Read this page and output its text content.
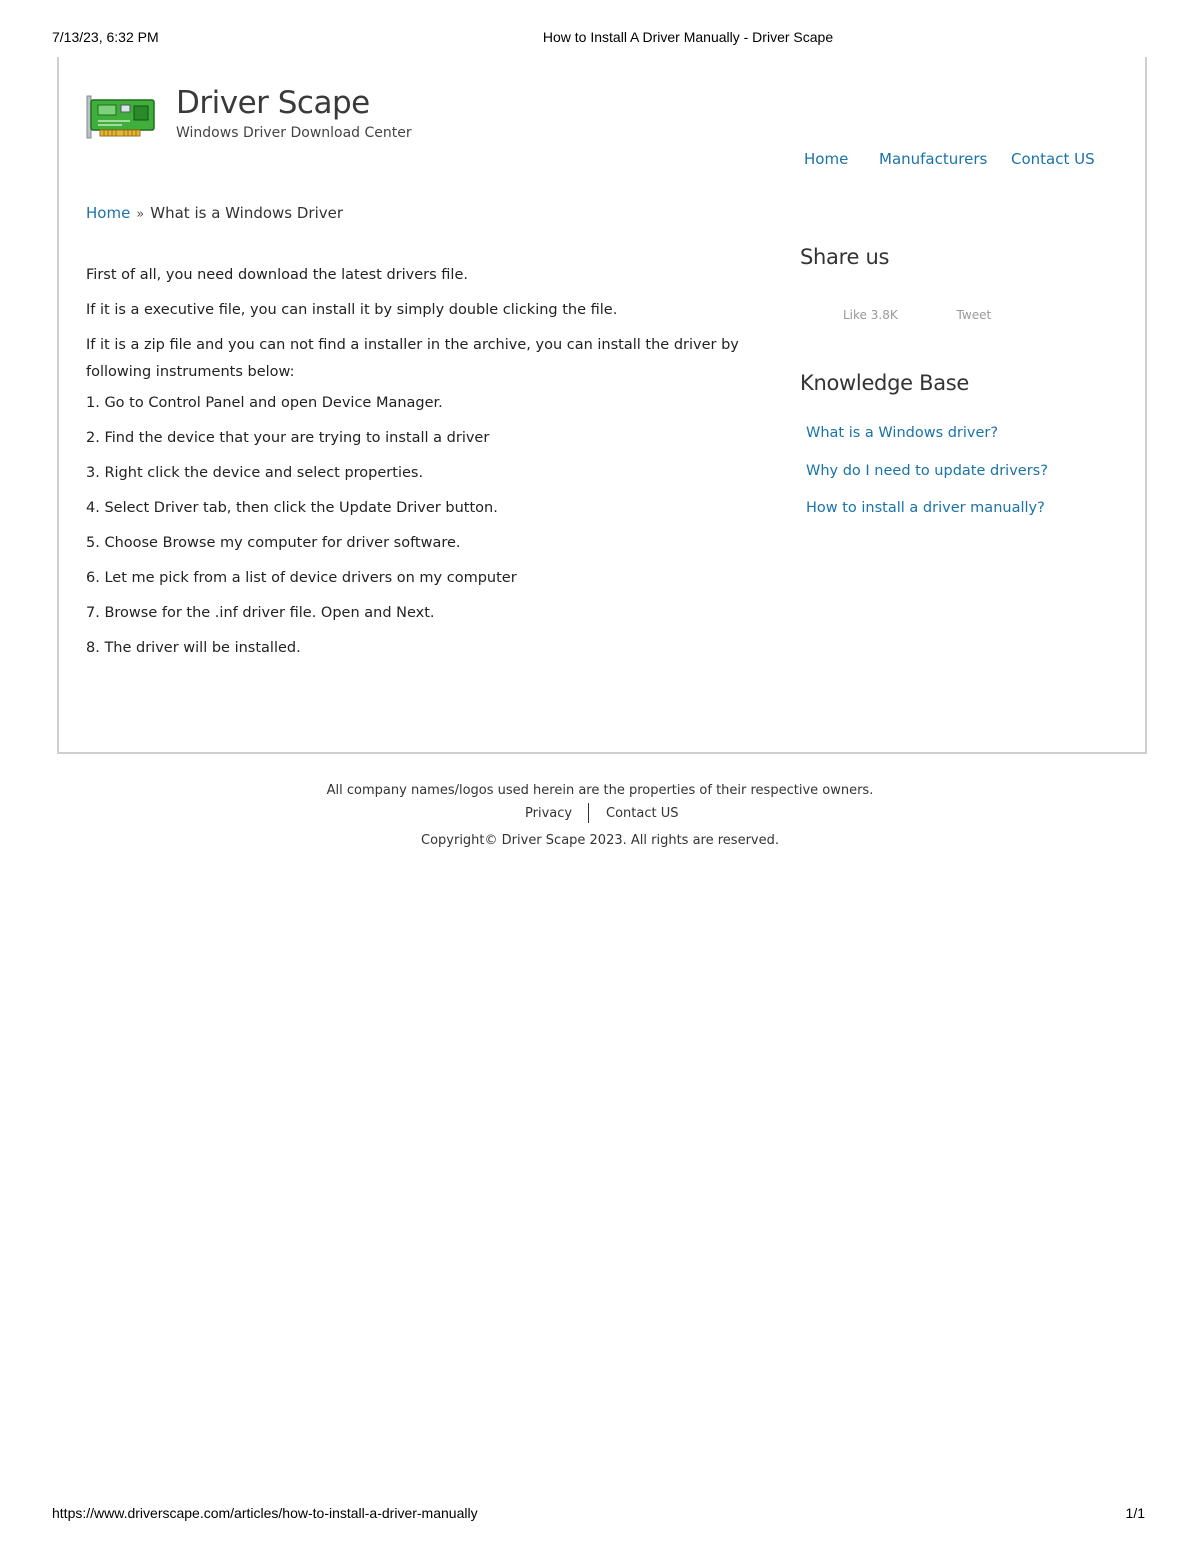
7/13/23, 6:32 PM	How to Install A Driver Manually - Driver Scape
Driver Scape
Windows Driver Download Center
Home Manufacturers Contact US
Home » What is a Windows Driver

First of all, you need download the latest drivers file.

If it is a executive file, you can install it by simply double clicking the file.

If it is a zip file and you can not find a installer in the archive, you can install the driver by following instruments below:

1. Go to Control Panel and open Device Manager.

2. Find the device that your are trying to install a driver

3. Right click the device and select properties.

4. Select Driver tab, then click the Update Driver button.

5. Choose Browse my computer for driver software.

6. Let me pick from a list of device drivers on my computer

7. Browse for the .inf driver file. Open and Next.

8. The driver will be installed.

Share us
Like 3.8K	Tweet
Knowledge Base
What is a Windows driver?
Why do I need to update drivers?
How to install a driver manually?

All company names/logos used herein are the properties of their respective owners.

Privacy	Contact US
Copyright© Driver Scape 2023. All rights are reserved.
https://www.driverscape.com/articles/how-to-install-a-driver-manually	1/1
